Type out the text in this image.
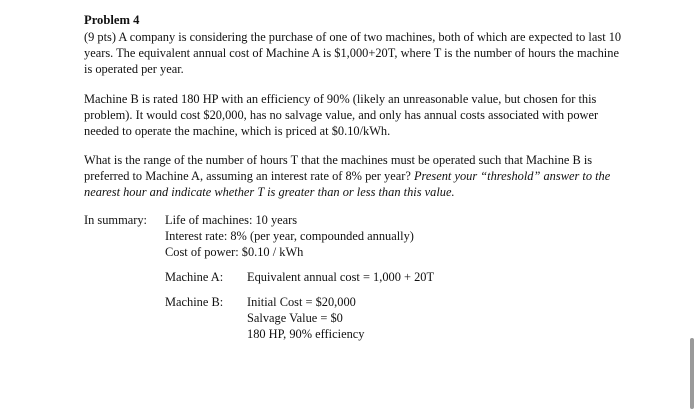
Problem 4

(9 pts) A company is considering the purchase of one of two machines, both of which are expected to last 10 years. The equivalent annual cost of Machine A is $1,000+20T, where T is the number of hours the machine is operated per year.

Machine B is rated 180 HP with an efficiency of 90% (likely an unreasonable value, but chosen for this problem). It would cost $20,000, has no salvage value, and only has annual costs associated with power needed to operate the machine, which is priced at $0.10/kWh.

What is the range of the number of hours T that the machines must be operated such that Machine B is preferred to Machine A, assuming an interest rate of 8% per year? Present your “threshold” answer to the nearest hour and indicate whether T is greater than or less than this value.

In summary: Life of machines: 10 years
Interest rate: 8% (per year, compounded annually)
Cost of power: $0.10 / kWh
Machine A: Equivalent annual cost = 1,000 + 20T
Machine B: Initial Cost = $20,000
Salvage Value = $0
180 HP, 90% efficiency
